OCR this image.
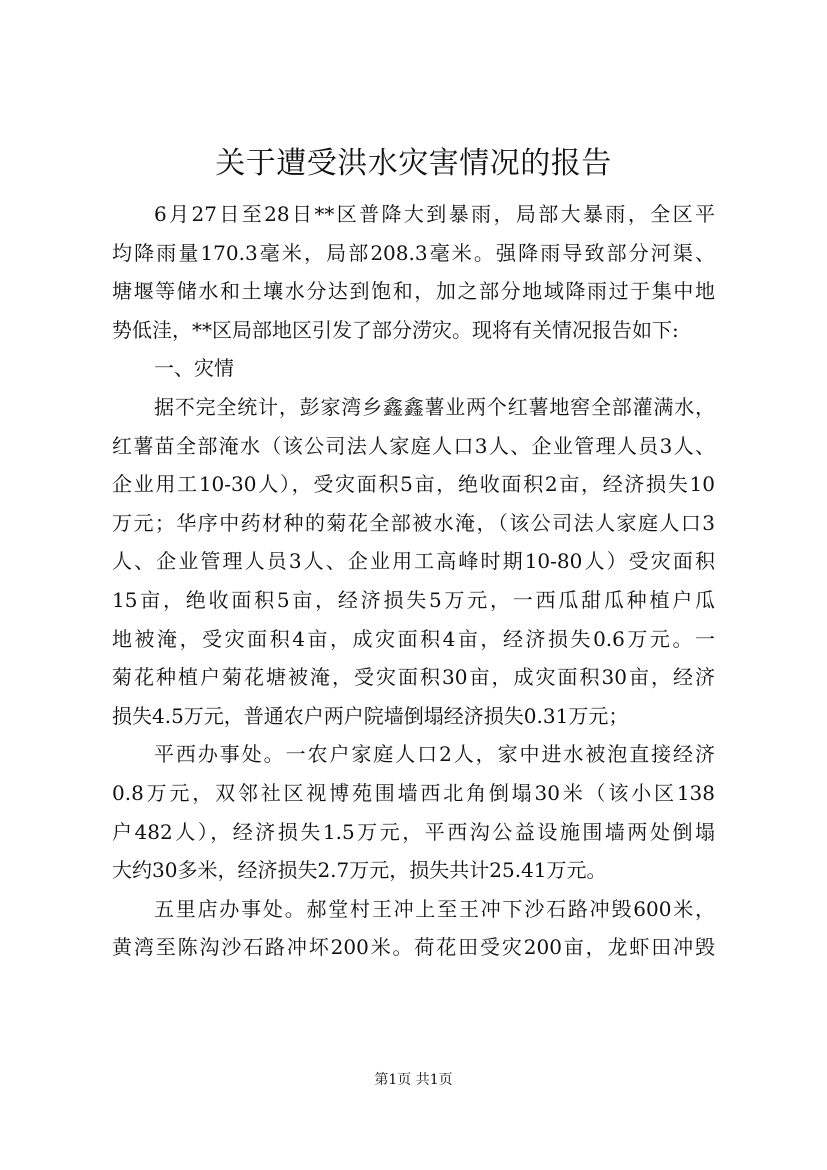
关于遭受洪水灾害情况的报告
6月27日至28日**区普降大到暴雨，局部大暴雨，全区平
均降雨量170.3毫米，局部208.3毫米。强降雨导致部分河渠、
塘堰等储水和土壤水分达到饱和，加之部分地域降雨过于集中地
势低洼，**区局部地区引发了部分涝灾。现将有关情况报告如下:
一、灾情
据不完全统计，彭家湾乡鑫鑫薯业两个红薯地窖全部灌满水，
红薯苗全部淹水（该公司法人家庭人口3人、企业管理人员3人、
企业用工10-30人），受灾面积5亩，绝收面积2亩，经济损失10
万元；华序中药材种的菊花全部被水淹，（该公司法人家庭人口3
人、企业管理人员3人、企业用工高峰时期10-80人）受灾面积
15亩，绝收面积5亩，经济损失5万元，一西瓜甜瓜种植户瓜
地被淹，受灾面积4亩，成灾面积4亩，经济损失0.6万元。一
菊花种植户菊花塘被淹，受灾面积30亩，成灾面积30亩，经济
损失4.5万元，普通农户两户院墙倒塌经济损失0.31万元；
平西办事处。一农户家庭人口2人，家中进水被泡直接经济
0.8万元，双邻社区视博苑围墙西北角倒塌30米（该小区138
户482人），经济损失1.5万元，平西沟公益设施围墙两处倒塌
大约30多米，经济损失2.7万元，损失共计25.41万元。
五里店办事处。郝堂村王冲上至王冲下沙石路冲毁600米，
黄湾至陈沟沙石路冲坏200米。荷花田受灾200亩，龙虾田冲毁
第1页 共1页
